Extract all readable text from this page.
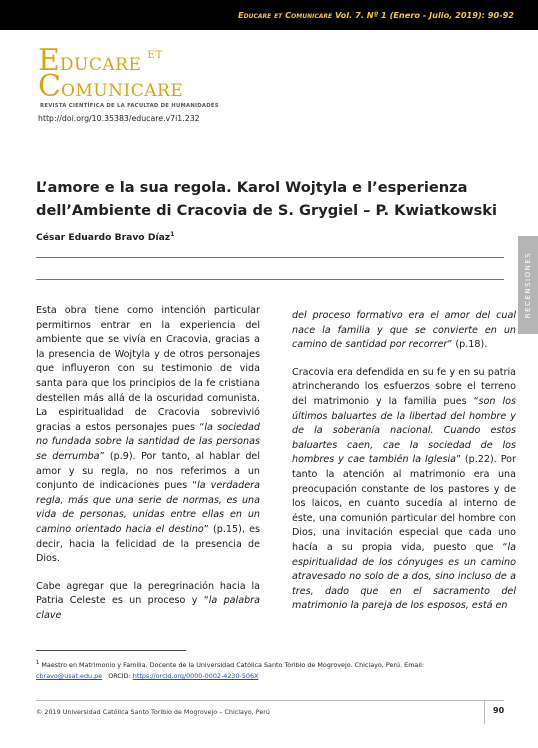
Educare et Comunicare Vol. 7. Nº 1 (Enero - Julio, 2019): 90-92
EDUCARE $^{ET}$
COMUNICARE
REVISTA CIENTÍFICA DE LA FACULTAD DE HUMANIDADES
http://doi.org/10.35383/educare.v7i1.232
L’amore e la sua regola. Karol Wojtyla e l’esperienza dell’Ambiente di Cracovia de S. Grygiel – P. Kwiatkowski
César Eduardo Bravo Díaz$^1$
RECENSIONES

Esta obra tiene como intención particular permitirnos entrar en la experiencia del ambiente que se vivía en Cracovia, gracias a la presencia de Wojtyla y de otros personajes que influyeron con su testimonio de vida santa para que los principios de la fe cristiana destellen más allá de la oscuridad comunista. La espiritualidad de Cracovia sobrevivió gracias a estos personajes pues “la sociedad no fundada sobre la santidad de las personas se derrumba” (p.9). Por tanto, al hablar del amor y su regla, no nos referimos a un conjunto de indicaciones pues “la verdadera regla, más que una serie de normas, es una vida de personas, unidas entre ellas en un camino orientado hacia el destino” (p.15), es decir, hacia la felicidad de la presencia de Dios.

Cabe agregar que la peregrinación hacia la Patria Celeste es un proceso y “la palabra clave

del proceso formativo era el amor del cual nace la familia y que se convierte en un camino de santidad por recorrer” (p.18).

Cracovia era defendida en su fe y en su patria atrincherando los esfuerzos sobre el terreno del matrimonio y la familia pues “son los últimos baluartes de la libertad del hombre y de la soberanía nacional. Cuando estos baluartes caen, cae la sociedad de los hombres y cae también la Iglesia” (p.22). Por tanto la atención al matrimonio era una preocupación constante de los pastores y de los laicos, en cuanto sucedía al interno de éste, una comunión particular del hombre con Dios, una invitación especial que cada uno hacía a su propia vida, puesto que “la espiritualidad de los cónyuges es un camino atravesado no solo de a dos, sino incluso de a tres, dado que en el sacramento del matrimonio la pareja de los esposos, está en

$^1$ Maestro en Matrimonio y Familia. Docente de la Universidad Católica Santo Toribio de Mogrovejo. Chiclayo, Perú. Email:
cbravo@usat.edu.pe   ORCID: https://orcid.org/0000-0002-4230-506X
© 2019 Universidad Católica Santo Toribio de Mogrovejo – Chiclayo, Perú	90
